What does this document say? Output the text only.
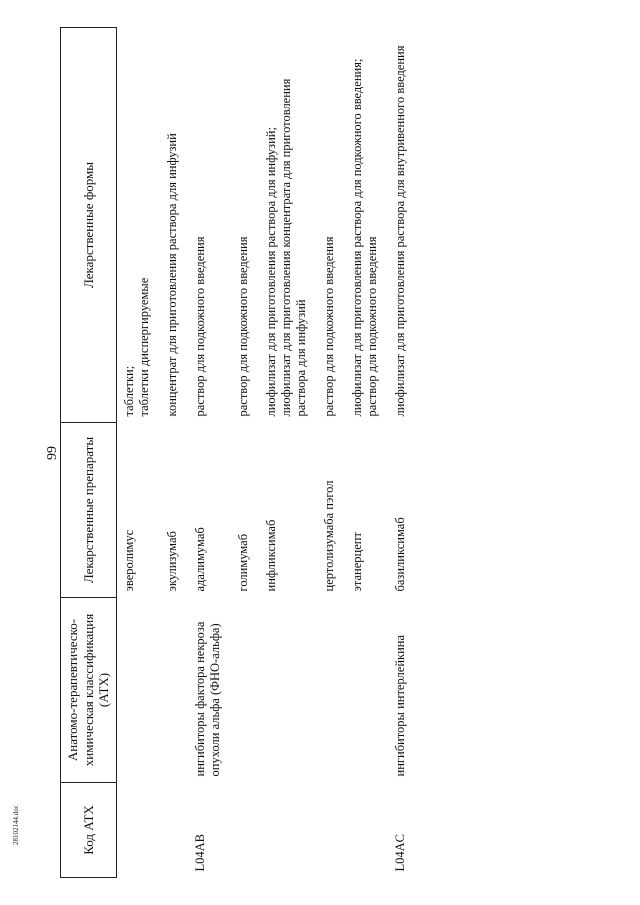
99
28102144.doc	Код АТХ	Анатомо-терапевтическо-химическая классификация (АТХ)	Лекарственные препараты	Лекарственные формы
		эверолимус	таблетки;
таблетки диспергируемые
		экулизумаб	концентрат для приготовления раствора для инфузий
L04AB	ингибиторы фактора некроза опухоли альфа (ФНО-альфа)	адалимумаб	раствор для подкожного введения
		голимумаб	раствор для подкожного введения
		инфликсимаб	лиофилизат для приготовления раствора для инфузий;
лиофилизат для приготовления концентрата для приготовления раствора для инфузий
		цертолизумаба пэгол	раствор для подкожного введения
		этанерцепт	лиофилизат для приготовления раствора для подкожного введения;
раствор для подкожного введения
L04AC	ингибиторы интерлейкина	базиликсимаб	лиофилизат для приготовления раствора для внутривенного введения
